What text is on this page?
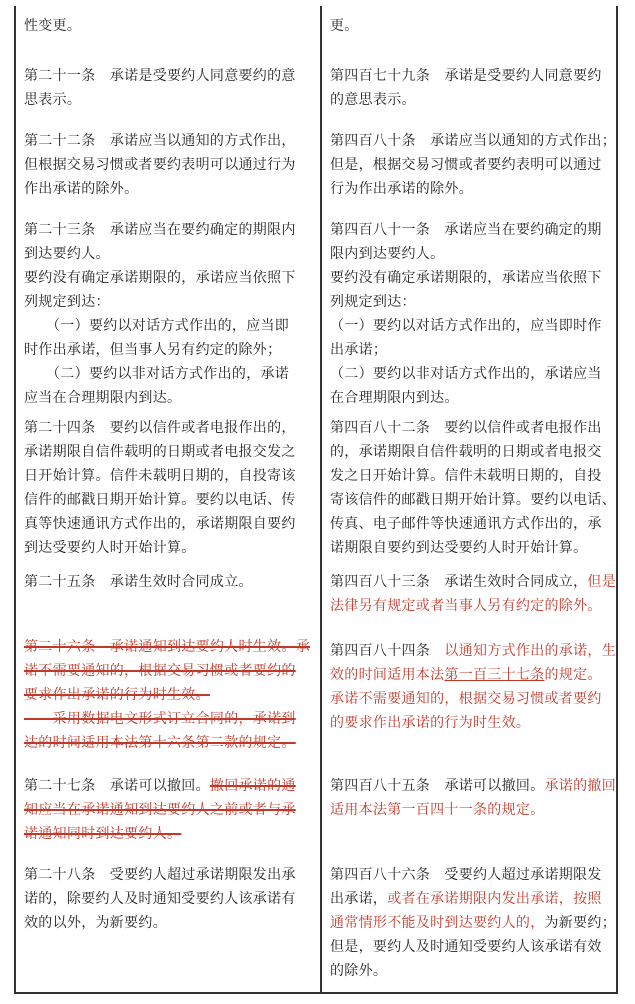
性变更。
第二十一条　承诺是受要约人同意要约的意
思表示。
第二十二条　承诺应当以通知的方式作出，
但根据交易习惯或者要约表明可以通过行为
作出承诺的除外。
第二十三条　承诺应当在要约确定的期限内
到达要约人。
要约没有确定承诺期限的，承诺应当依照下
列规定到达：
（一）要约以对话方式作出的，应当即
时作出承诺，但当事人另有约定的除外；
（二）要约以非对话方式作出的，承诺
应当在合理期限内到达。
第二十四条　要约以信件或者电报作出的，
承诺期限自信件载明的日期或者电报交发之
日开始计算。信件未载明日期的，自投寄该
信件的邮戳日期开始计算。要约以电话、传
真等快速通讯方式作出的，承诺期限自要约
到达受要约人时开始计算。
第二十五条　承诺生效时合同成立。
第二十六条　承诺通知到达要约人时生效。承
诺不需要通知的，根据交易习惯或者要约的
要求作出承诺的行为时生效。
　　采用数据电文形式订立合同的，承诺到
达的时间适用本法第十六条第二款的规定。
第二十七条　承诺可以撤回。撤回承诺的通
知应当在承诺通知到达要约人之前或者与承
诺通知同时到达要约人。
第二十八条　受要约人超过承诺期限发出承
诺的，除要约人及时通知受要约人该承诺有
效的以外，为新要约。
更。
第四百七十九条　承诺是受要约人同意要约
的意思表示。
第四百八十条　承诺应当以通知的方式作出；
但是，根据交易习惯或者要约表明可以通过
行为作出承诺的除外。
第四百八十一条　承诺应当在要约确定的期
限内到达要约人。
要约没有确定承诺期限的，承诺应当依照下
列规定到达：
（一）要约以对话方式作出的，应当即时作
出承诺；
（二）要约以非对话方式作出的，承诺应当
在合理期限内到达。
第四百八十二条　要约以信件或者电报作出
的，承诺期限自信件载明的日期或者电报交
发之日开始计算。信件未载明日期的，自投
寄该信件的邮戳日期开始计算。要约以电话、
传真、电子邮件等快速通讯方式作出的，承
诺期限自要约到达受要约人时开始计算。
第四百八十三条　承诺生效时合同成立，但是
法律另有规定或者当事人另有约定的除外。
第四百八十四条　以通知方式作出的承诺，生
效的时间适用本法第一百三十七条的规定。
承诺不需要通知的，根据交易习惯或者要约
的要求作出承诺的行为时生效。
第四百八十五条　承诺可以撤回。承诺的撤回
适用本法第一百四十一条的规定。
第四百八十六条　受要约人超过承诺期限发
出承诺，或者在承诺期限内发出承诺，按照
通常情形不能及时到达要约人的，为新要约；
但是，要约人及时通知受要约人该承诺有效
的除外。
